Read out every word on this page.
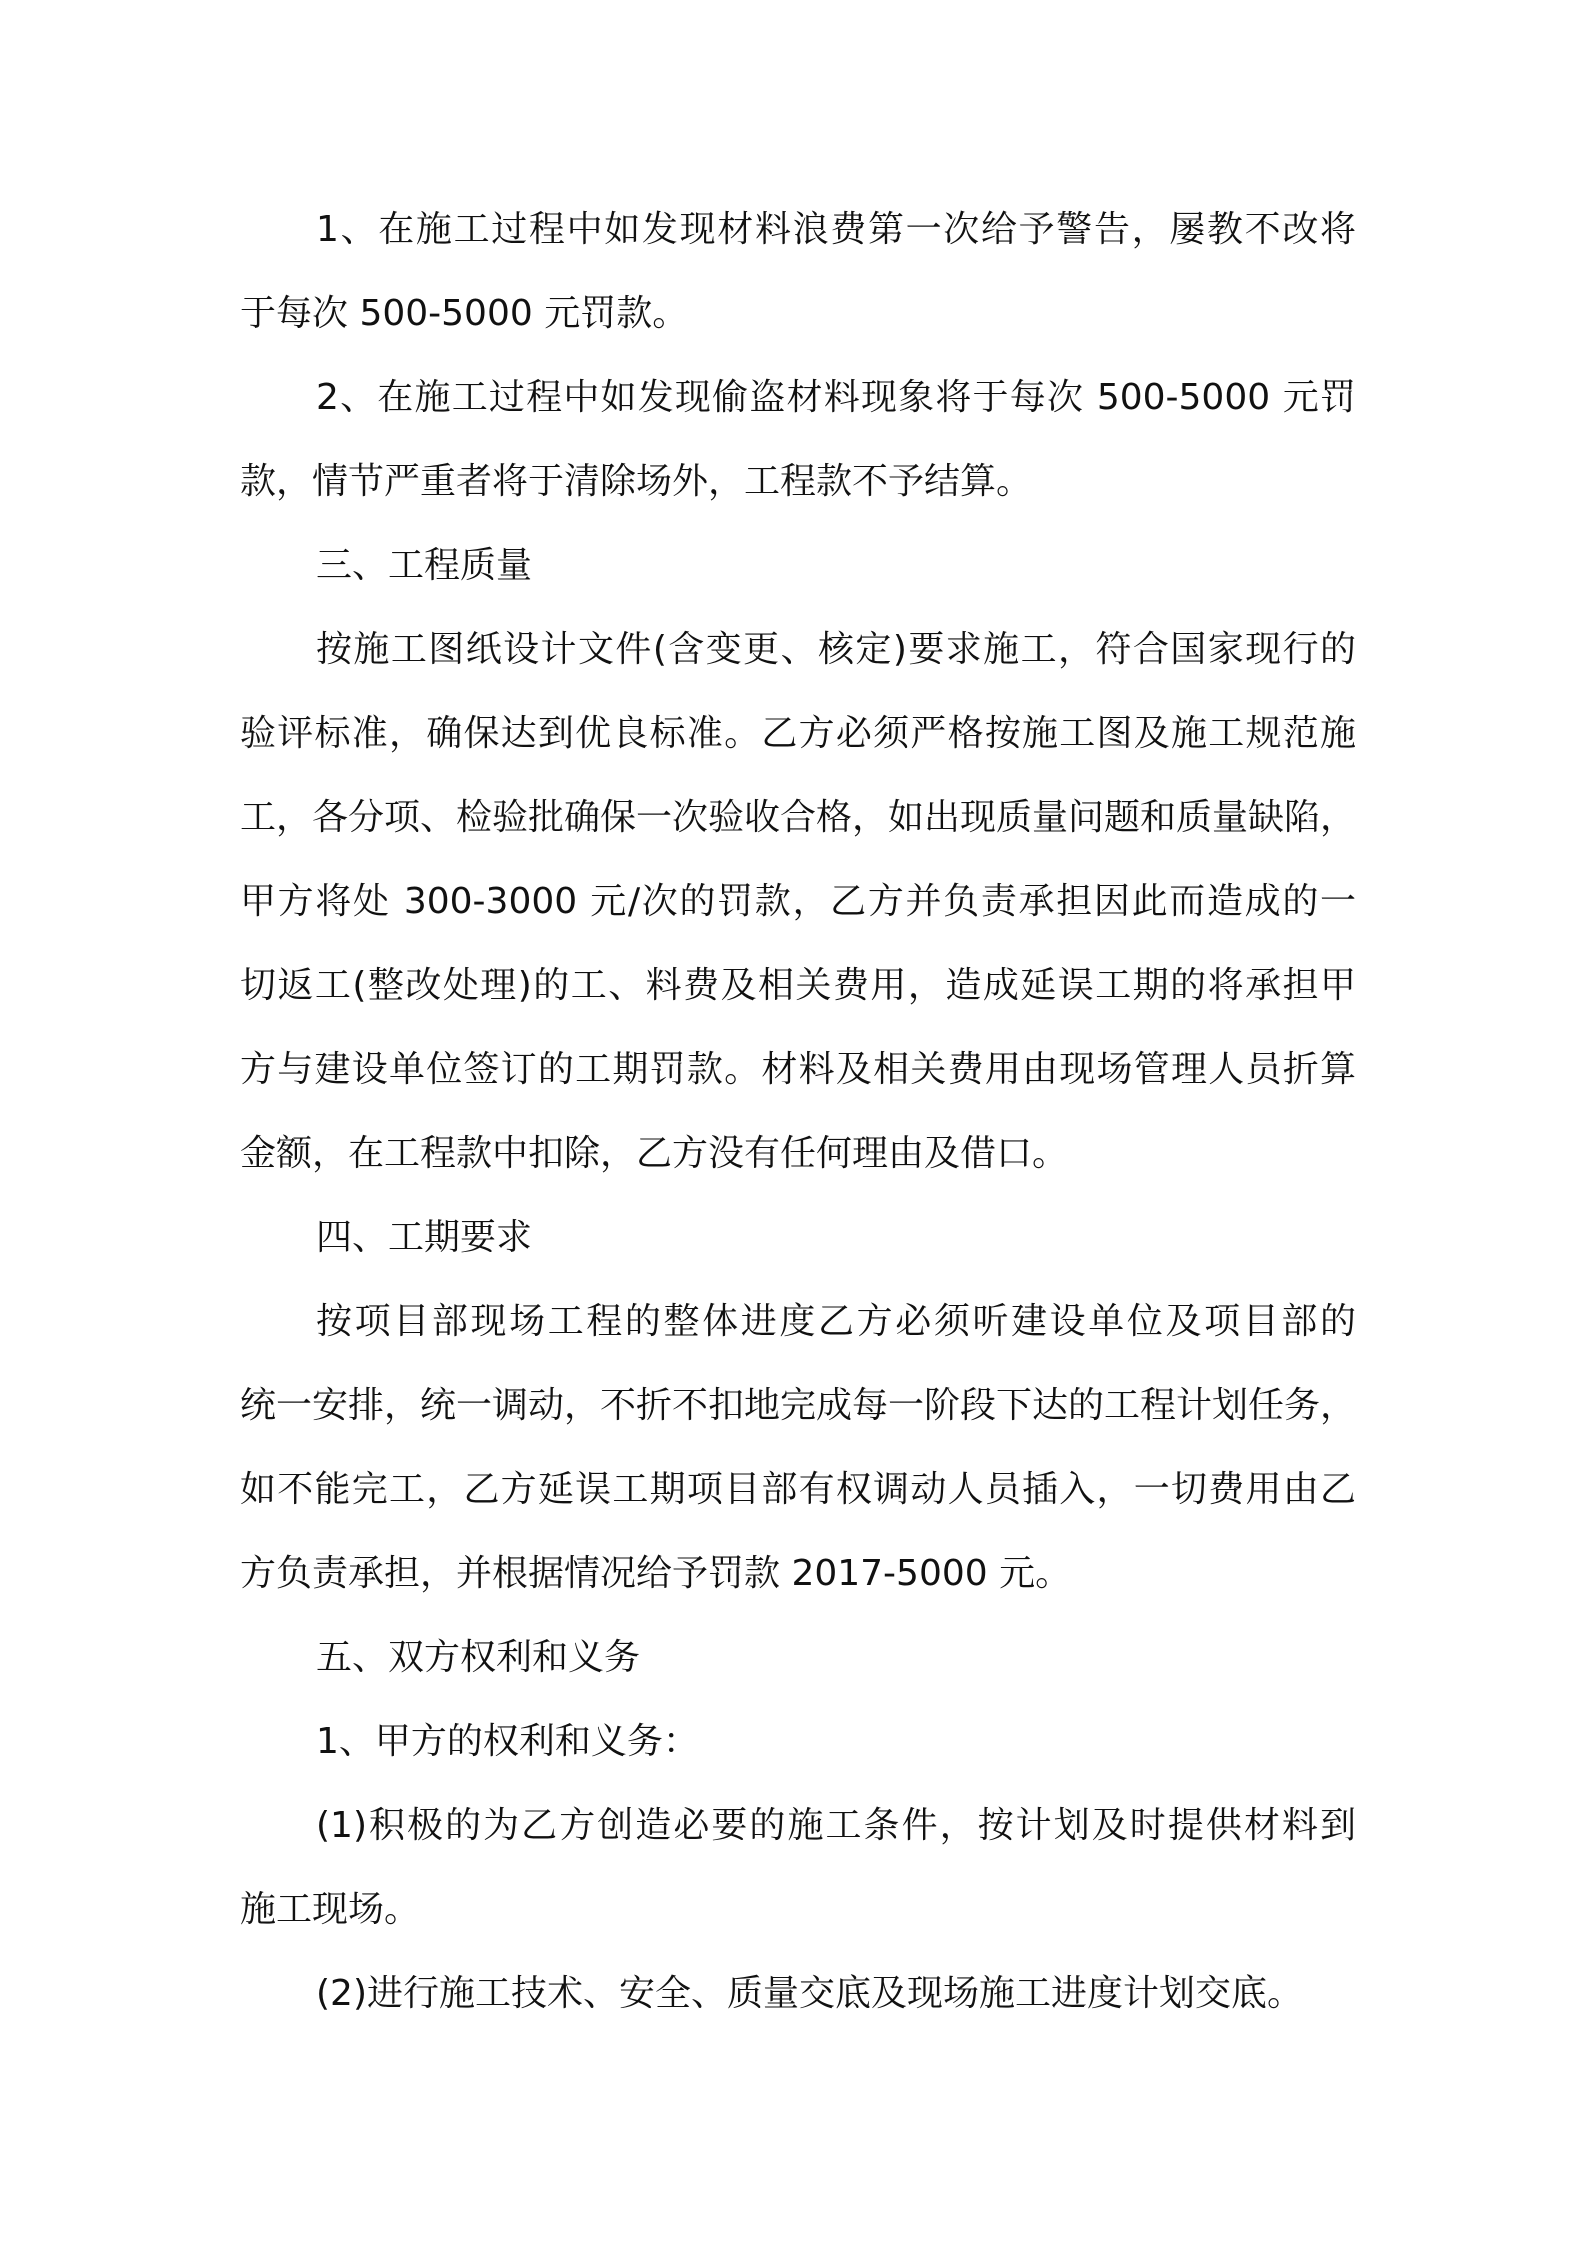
1、在施工过程中如发现材料浪费第一次给予警告，屡教不改将
于每次 500-5000 元罚款。
2、在施工过程中如发现偷盗材料现象将于每次 500-5000 元罚
款，情节严重者将于清除场外，工程款不予结算。
三、工程质量
按施工图纸设计文件(含变更、核定)要求施工，符合国家现行的
验评标准，确保达到优良标准。乙方必须严格按施工图及施工规范施
工，各分项、检验批确保一次验收合格，如出现质量问题和质量缺陷，
甲方将处 300-3000 元/次的罚款，乙方并负责承担因此而造成的一
切返工(整改处理)的工、料费及相关费用，造成延误工期的将承担甲
方与建设单位签订的工期罚款。材料及相关费用由现场管理人员折算
金额，在工程款中扣除，乙方没有任何理由及借口。
四、工期要求
按项目部现场工程的整体进度乙方必须听建设单位及项目部的
统一安排，统一调动，不折不扣地完成每一阶段下达的工程计划任务，
如不能完工，乙方延误工期项目部有权调动人员插入，一切费用由乙
方负责承担，并根据情况给予罚款 2017-5000 元。
五、双方权利和义务
1、甲方的权利和义务：
(1)积极的为乙方创造必要的施工条件，按计划及时提供材料到
施工现场。
(2)进行施工技术、安全、质量交底及现场施工进度计划交底。
